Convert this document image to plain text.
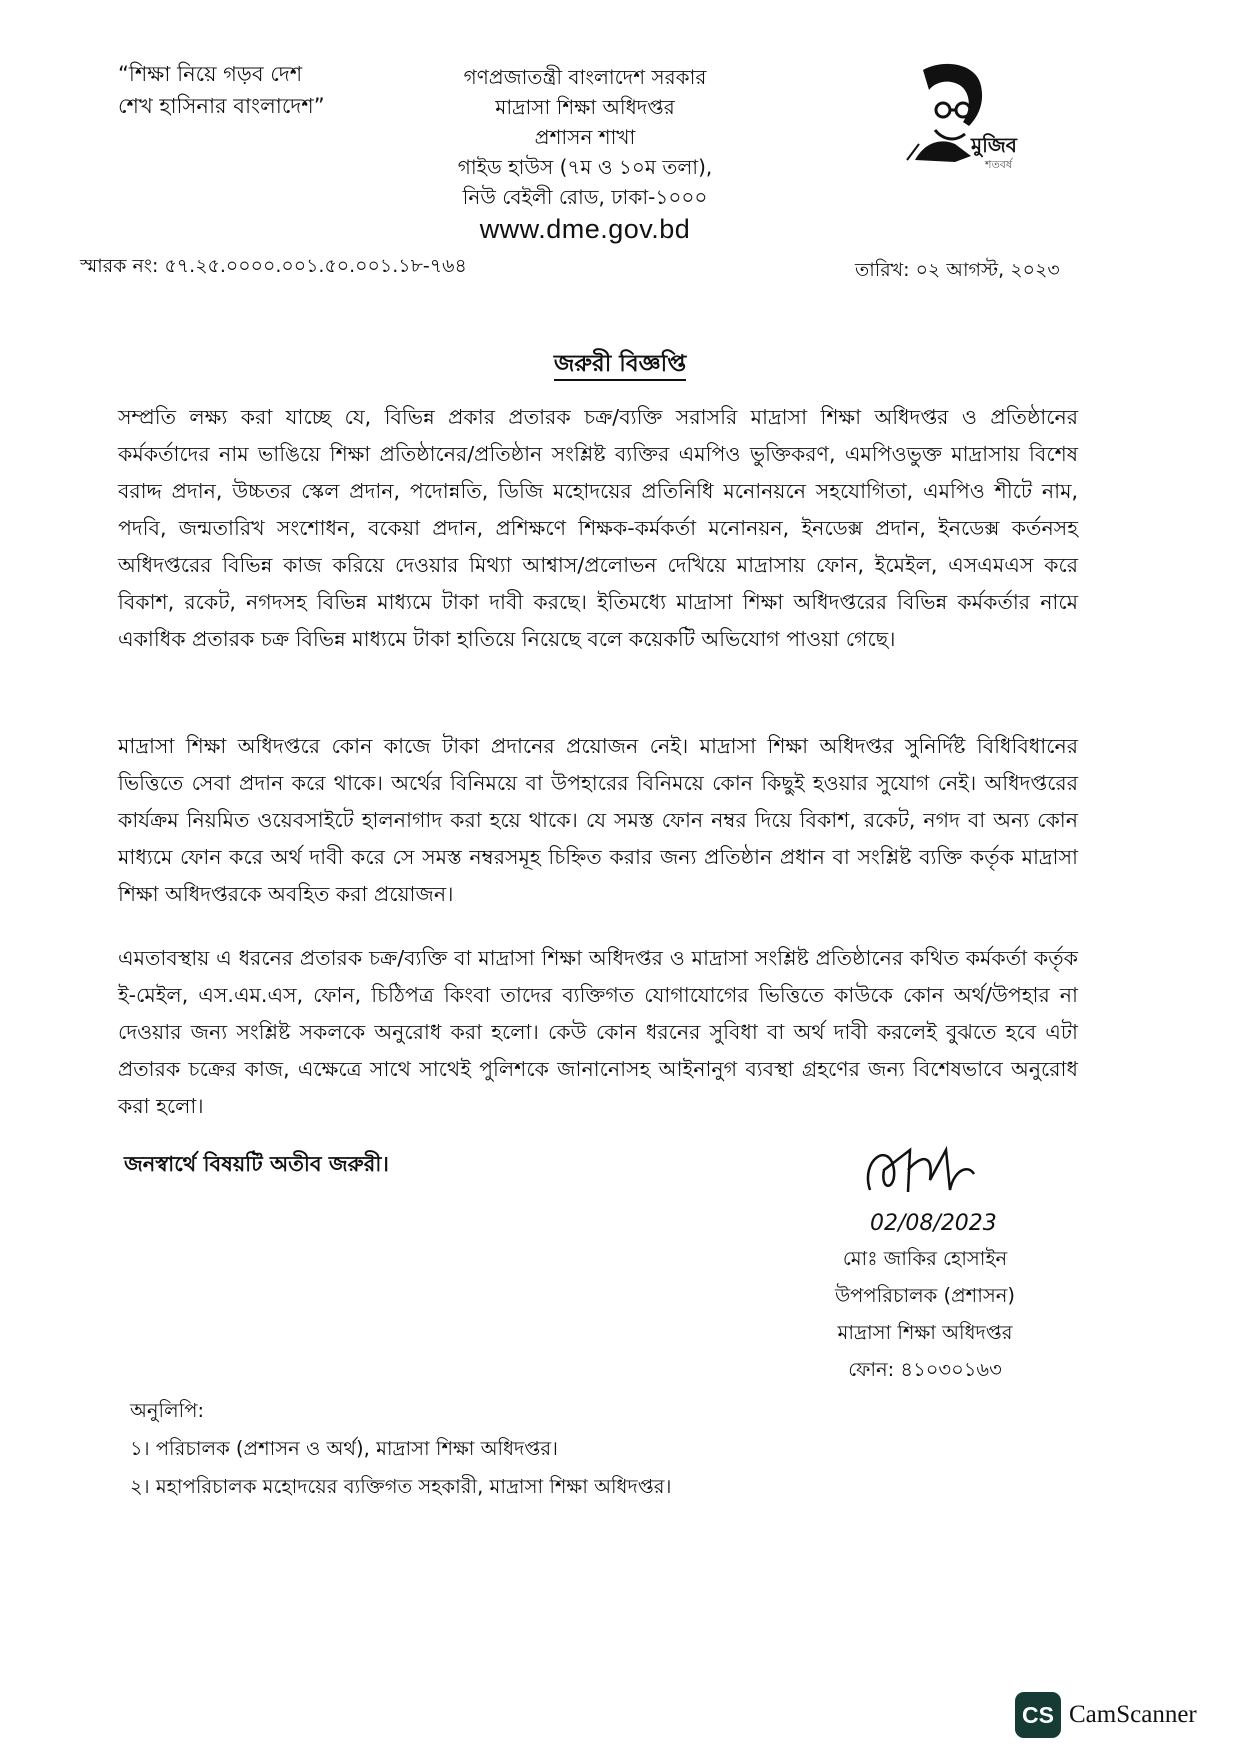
“শিক্ষা নিয়ে গড়ব দেশ
শেখ হাসিনার বাংলাদেশ”
গণপ্রজাতন্ত্রী বাংলাদেশ সরকার
মাদ্রাসা শিক্ষা অধিদপ্তর
প্রশাসন শাখা
গাইড হাউস (৭ম ও ১০ম তলা),
নিউ বেইলী রোড, ঢাকা-১০০০
www.dme.gov.bd
মুজিব
শতবর্ষ
স্মারক নং: ৫৭.২৫.০০০০.০০১.৫০.০০১.১৮-৭৬৪	তারিখ: ০২ আগস্ট, ২০২৩
জরুরী বিজ্ঞপ্তি
সম্প্রতি লক্ষ্য করা যাচ্ছে যে, বিভিন্ন প্রকার প্রতারক চক্র/ব্যক্তি সরাসরি মাদ্রাসা শিক্ষা অধিদপ্তর ও প্রতিষ্ঠানের কর্মকর্তাদের নাম ভাঙিয়ে শিক্ষা প্রতিষ্ঠানের/প্রতিষ্ঠান সংশ্লিষ্ট ব্যক্তির এমপিও ভুক্তিকরণ, এমপিওভুক্ত মাদ্রাসায় বিশেষ বরাদ্দ প্রদান, উচ্চতর স্কেল প্রদান, পদোন্নতি, ডিজি মহোদয়ের প্রতিনিধি মনোনয়নে সহযোগিতা, এমপিও শীটে নাম, পদবি, জন্মতারিখ সংশোধন, বকেয়া প্রদান, প্রশিক্ষণে শিক্ষক-কর্মকর্তা মনোনয়ন, ইনডেক্স প্রদান, ইনডেক্স কর্তনসহ অধিদপ্তরের বিভিন্ন কাজ করিয়ে দেওয়ার মিথ্যা আশ্বাস/প্রলোভন দেখিয়ে মাদ্রাসায় ফোন, ইমেইল, এসএমএস করে বিকাশ, রকেট, নগদসহ বিভিন্ন মাধ্যমে টাকা দাবী করছে। ইতিমধ্যে মাদ্রাসা শিক্ষা অধিদপ্তরের বিভিন্ন কর্মকর্তার নামে একাধিক প্রতারক চক্র বিভিন্ন মাধ্যমে টাকা হাতিয়ে নিয়েছে বলে কয়েকটি অভিযোগ পাওয়া গেছে।
মাদ্রাসা শিক্ষা অধিদপ্তরে কোন কাজে টাকা প্রদানের প্রয়োজন নেই। মাদ্রাসা শিক্ষা অধিদপ্তর সুনির্দিষ্ট বিধিবিধানের ভিত্তিতে সেবা প্রদান করে থাকে। অর্থের বিনিময়ে বা উপহারের বিনিময়ে কোন কিছুই হওয়ার সুযোগ নেই। অধিদপ্তরের কার্যক্রম নিয়মিত ওয়েবসাইটে হালনাগাদ করা হয়ে থাকে। যে সমস্ত ফোন নম্বর দিয়ে বিকাশ, রকেট, নগদ বা অন্য কোন মাধ্যমে ফোন করে অর্থ দাবী করে সে সমস্ত নম্বরসমূহ চিহ্নিত করার জন্য প্রতিষ্ঠান প্রধান বা সংশ্লিষ্ট ব্যক্তি কর্তৃক মাদ্রাসা শিক্ষা অধিদপ্তরকে অবহিত করা প্রয়োজন।
এমতাবস্থায় এ ধরনের প্রতারক চক্র/ব্যক্তি বা মাদ্রাসা শিক্ষা অধিদপ্তর ও মাদ্রাসা সংশ্লিষ্ট প্রতিষ্ঠানের কথিত কর্মকর্তা কর্তৃক ই-মেইল, এস.এম.এস, ফোন, চিঠিপত্র কিংবা তাদের ব্যক্তিগত যোগাযোগের ভিত্তিতে কাউকে কোন অর্থ/উপহার না দেওয়ার জন্য সংশ্লিষ্ট সকলকে অনুরোধ করা হলো। কেউ কোন ধরনের সুবিধা বা অর্থ দাবী করলেই বুঝতে হবে এটা প্রতারক চক্রের কাজ, এক্ষেত্রে সাথে সাথেই পুলিশকে জানানোসহ আইনানুগ ব্যবস্থা গ্রহণের জন্য বিশেষভাবে অনুরোধ করা হলো।
জনস্বার্থে বিষয়টি অতীব জরুরী।
02/08/2023
মোঃ জাকির হোসাইন
উপপরিচালক (প্রশাসন)
মাদ্রাসা শিক্ষা অধিদপ্তর
ফোন: ৪১০৩০১৬৩
অনুলিপি:
১। পরিচালক (প্রশাসন ও অর্থ), মাদ্রাসা শিক্ষা অধিদপ্তর।
২। মহাপরিচালক মহোদয়ের ব্যক্তিগত সহকারী, মাদ্রাসা শিক্ষা অধিদপ্তর।
CS CamScanner
